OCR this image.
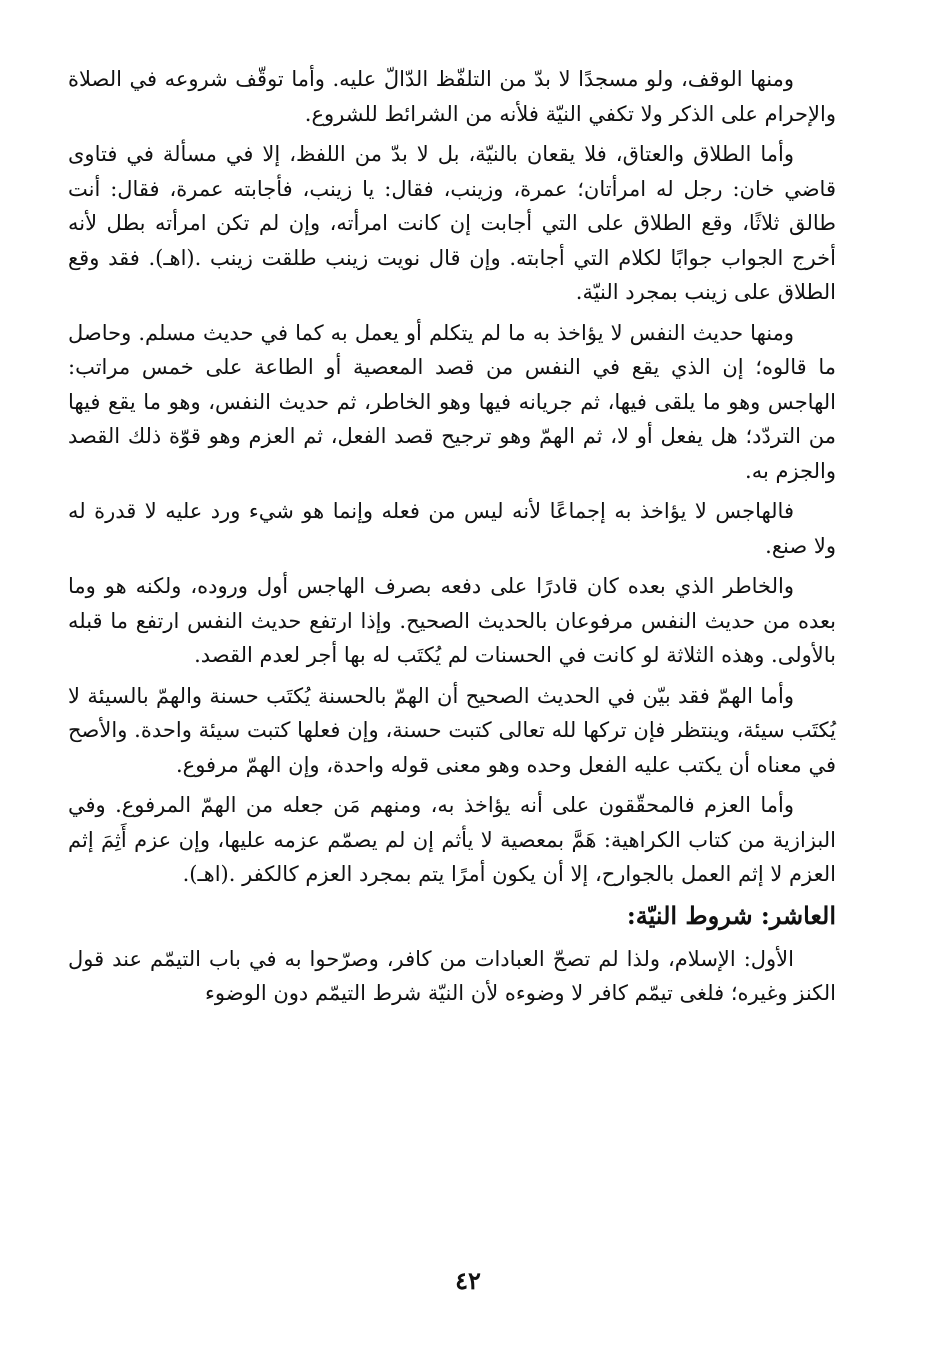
ومنها الوقف، ولو مسجدًا لا بدّ من التلفّظ الدّالّ عليه. وأما توقّف شروعه في الصلاة والإحرام على الذكر ولا تكفي النيّة فلأنه من الشرائط للشروع.

وأما الطلاق والعتاق، فلا يقعان بالنيّة، بل لا بدّ من اللفظ، إلا في مسألة في فتاوى قاضي خان: رجل له امرأتان؛ عمرة، وزينب، فقال: يا زينب، فأجابته عمرة، فقال: أنت طالق ثلاثًا، وقع الطلاق على التي أجابت إن كانت امرأته، وإن لم تكن امرأته بطل لأنه أخرج الجواب جوابًا لكلام التي أجابته. وإن قال نويت زينب طلقت زينب .(اهـ). فقد وقع الطلاق على زينب بمجرد النيّة.

ومنها حديث النفس لا يؤاخذ به ما لم يتكلم أو يعمل به كما في حديث مسلم. وحاصل ما قالوه؛ إن الذي يقع في النفس من قصد المعصية أو الطاعة على خمس مراتب: الهاجس وهو ما يلقى فيها، ثم جريانه فيها وهو الخاطر، ثم حديث النفس، وهو ما يقع فيها من التردّد؛ هل يفعل أو لا، ثم الهمّ وهو ترجيح قصد الفعل، ثم العزم وهو قوّة ذلك القصد والجزم به.

فالهاجس لا يؤاخذ به إجماعًا لأنه ليس من فعله وإنما هو شيء ورد عليه لا قدرة له ولا صنع.

والخاطر الذي بعده كان قادرًا على دفعه بصرف الهاجس أول وروده، ولكنه هو وما بعده من حديث النفس مرفوعان بالحديث الصحيح. وإذا ارتفع حديث النفس ارتفع ما قبله بالأولى. وهذه الثلاثة لو كانت في الحسنات لم يُكتَب له بها أجر لعدم القصد.

وأما الهمّ فقد بيّن في الحديث الصحيح أن الهمّ بالحسنة يُكتَب حسنة والهمّ بالسيئة لا يُكتَب سيئة، وينتظر فإن تركها لله تعالى كتبت حسنة، وإن فعلها كتبت سيئة واحدة. والأصح في معناه أن يكتب عليه الفعل وحده وهو معنى قوله واحدة، وإن الهمّ مرفوع.

وأما العزم فالمحقّقون على أنه يؤاخذ به، ومنهم مَن جعله من الهمّ المرفوع. وفي البزازية من كتاب الكراهية: هَمَّ بمعصية لا يأثم إن لم يصمّم عزمه عليها، وإن عزم أَثِمَ إثم العزم لا إثم العمل بالجوارح، إلا أن يكون أمرًا يتم بمجرد العزم كالكفر .(اهـ).

العاشر: شروط النيّة:

الأول: الإسلام، ولذا لم تصحّ العبادات من كافر، وصرّحوا به في باب التيمّم عند قول الكنز وغيره؛ فلغى تيمّم كافر لا وضوءه لأن النيّة شرط التيمّم دون الوضوء

٤٢
